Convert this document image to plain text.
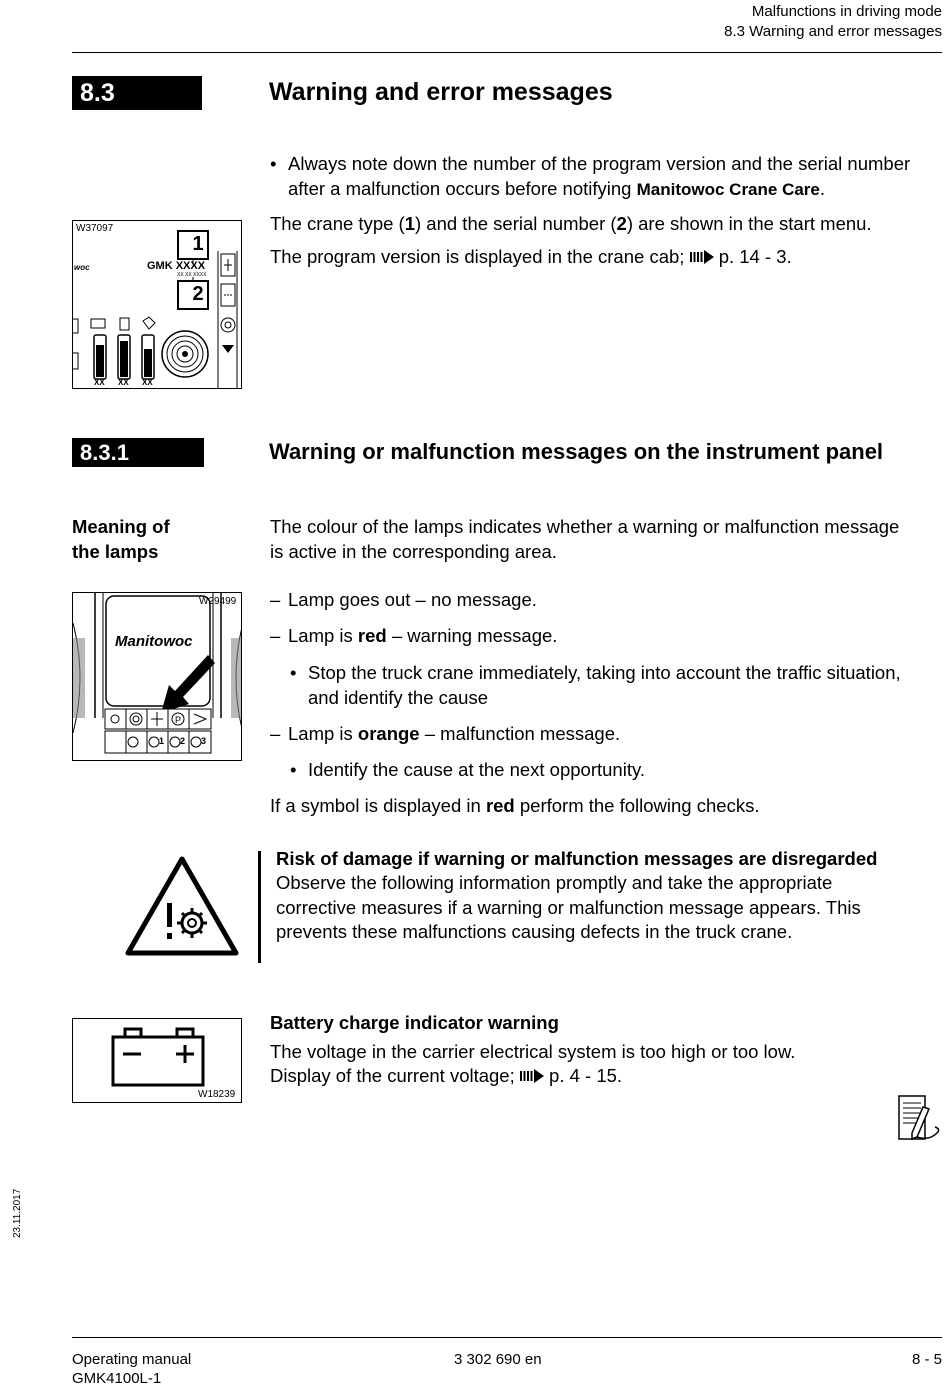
Malfunctions in driving mode
8.3 Warning and error messages
8.3	Warning and error messages
• Always note down the number of the program version and the serial number after a malfunction occurs before notifying Manitowoc Crane Care.
The crane type (1) and the serial number (2) are shown in the start menu.
The program version is displayed in the crane cab; p. 14 - 3.
W37097
1
2
GMK XXXX
XX XX XXXX
woc
XX XX XX
8.3.1	Warning or malfunction messages on the instrument panel
Meaning of the lamps
The colour of the lamps indicates whether a warning or malfunction message is active in the corresponding area.
– Lamp goes out – no message.
– Lamp is red – warning message.
• Stop the truck crane immediately, taking into account the traffic situation, and identify the cause
– Lamp is orange – malfunction message.
• Identify the cause at the next opportunity.
If a symbol is displayed in red perform the following checks.
P
W29499
Manitowoc
1 2 3
Risk of damage if warning or malfunction messages are disregarded
Observe the following information promptly and take the appropriate corrective measures if a warning or malfunction message appears. This prevents these malfunctions causing defects in the truck crane.
W18239
Battery charge indicator warning
The voltage in the carrier electrical system is too high or too low.
Display of the current voltage; p. 4 - 15.
23.11.2017
Operating manual
GMK4100L-1
3 302 690 en	8 - 5
